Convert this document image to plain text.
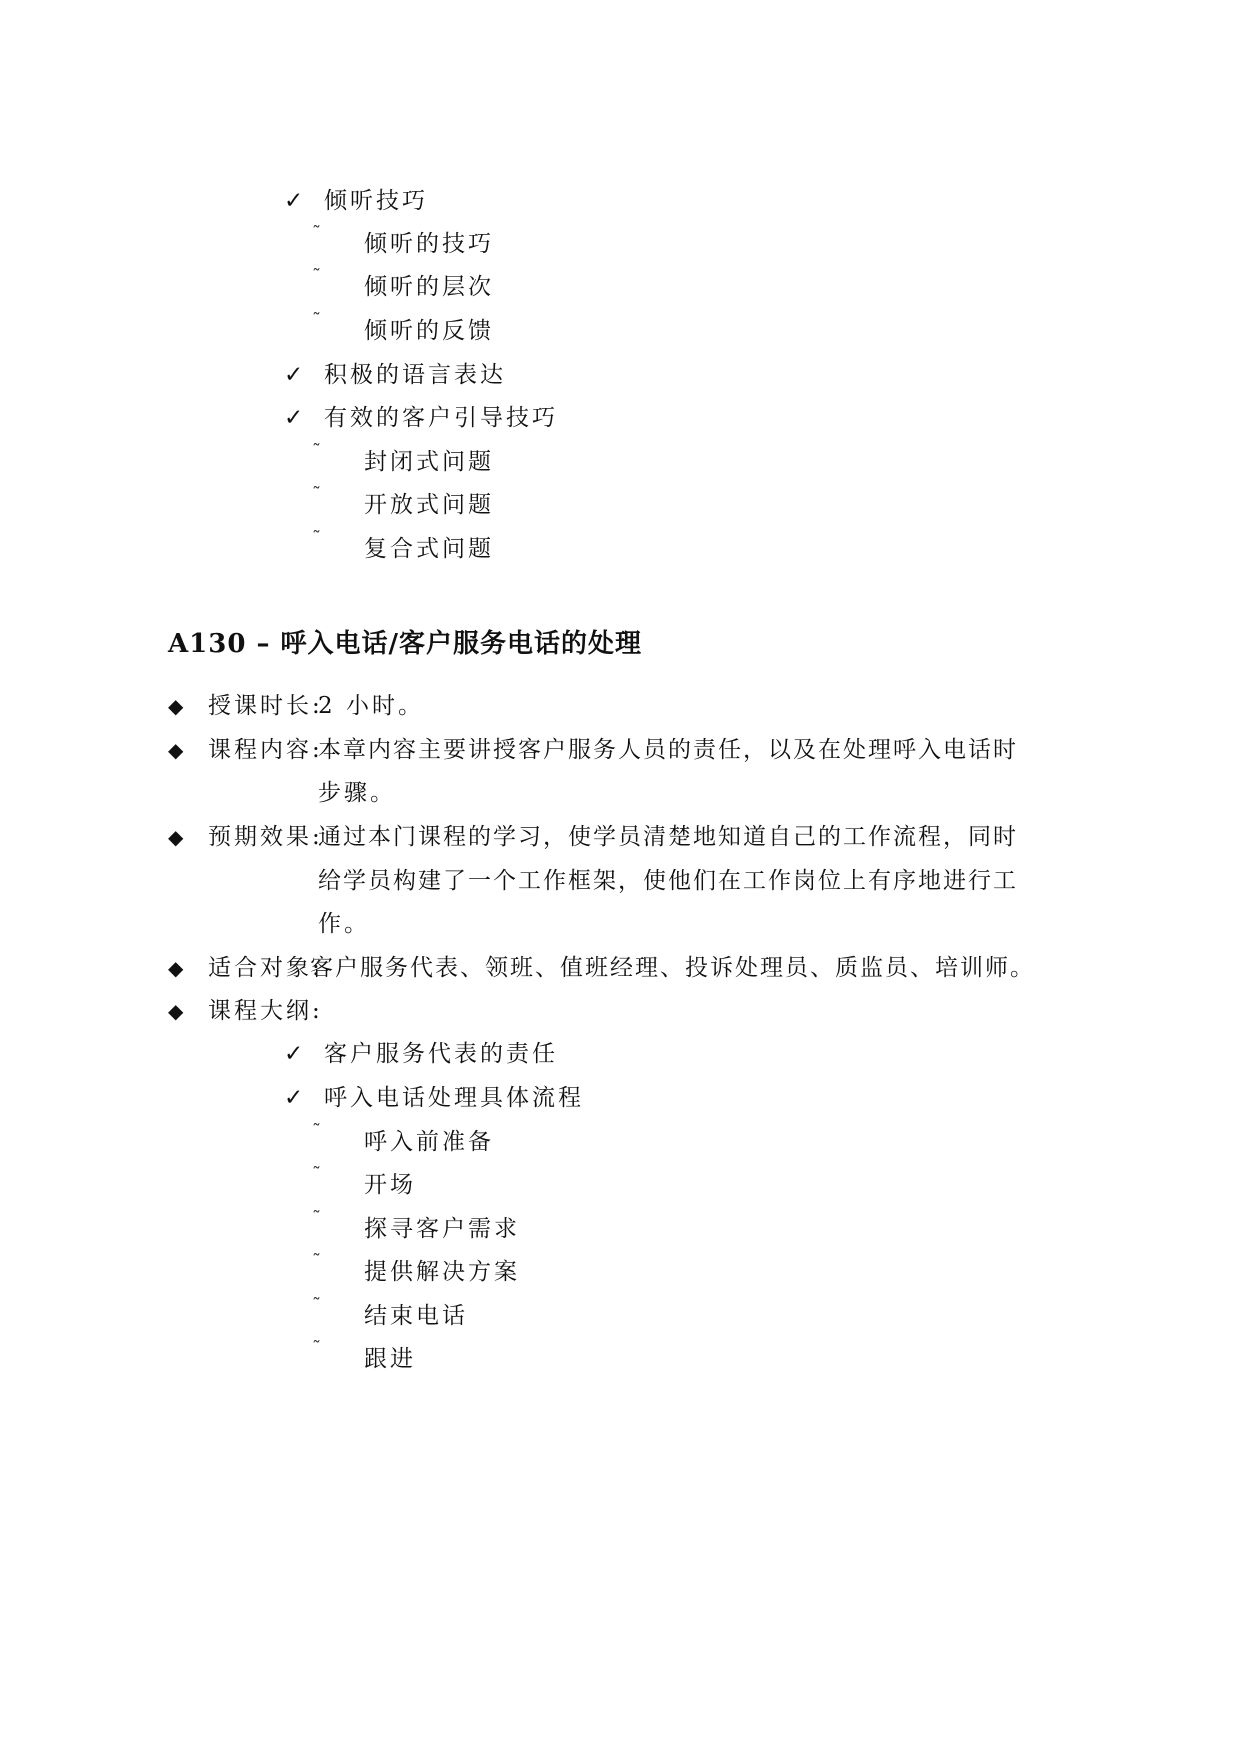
✓ 倾听技巧
˜ 倾听的技巧
˜ 倾听的层次
˜ 倾听的反馈
✓ 积极的语言表达
✓ 有效的客户引导技巧
˜ 封闭式问题
˜ 开放式问题
˜ 复合式问题
A130 – 呼入电话/客户服务电话的处理
◆ 授课时长:
2 小时。
◆ 课程内容:
本章内容主要讲授客户服务人员的责任，以及在处理呼入电话时
步骤。
◆ 预期效果:
通过本门课程的学习，使学员清楚地知道自己的工作流程，同时
给学员构建了一个工作框架，使他们在工作岗位上有序地进行工
作。
◆ 适合对象:
客户服务代表、领班、值班经理、投诉处理员、质监员、培训师。
◆ 课程大纲:
✓ 客户服务代表的责任
✓ 呼入电话处理具体流程
˜ 呼入前准备
˜ 开场
˜ 探寻客户需求
˜ 提供解决方案
˜ 结束电话
˜ 跟进
